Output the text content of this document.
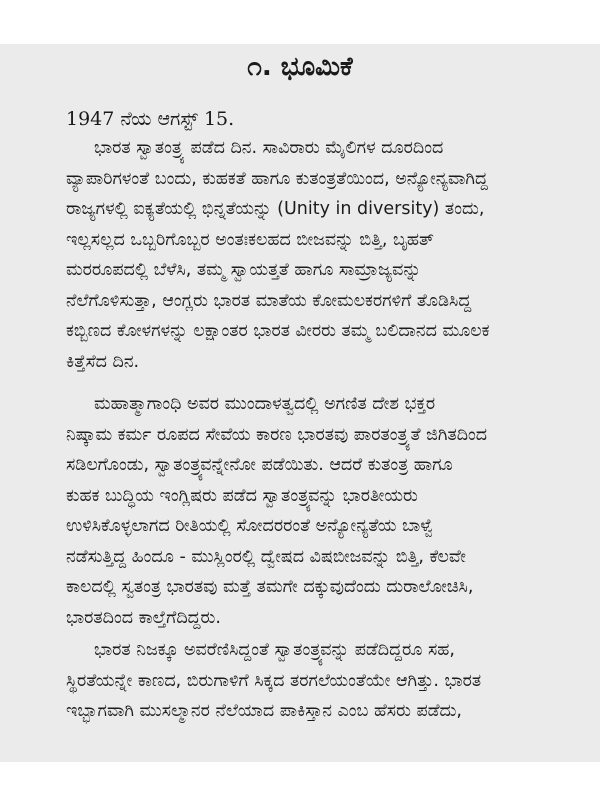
೧. ಭೂಮಿಕೆ
1947 ನೆಯ ಆಗಸ್ಟ್ 15.
ಭಾರತ ಸ್ವಾತಂತ್ರ್ಯ ಪಡೆದ ದಿನ. ಸಾವಿರಾರು ಮೈಲಿಗಳ ದೂರದಿಂದ
ವ್ಯಾಪಾರಿಗಳಂತೆ ಬಂದು, ಕುಹಕತೆ ಹಾಗೂ ಕುತಂತ್ರತೆಯಿಂದ, ಅನ್ಯೋನ್ಯವಾಗಿದ್ದ
ರಾಜ್ಯಗಳಲ್ಲಿ ಐಕ್ಯತೆಯಲ್ಲಿ ಭಿನ್ನತೆಯನ್ನು (Unity in diversity) ತಂದು,
ಇಲ್ಲಸಲ್ಲದ ಒಬ್ಬರಿಗೊಬ್ಬರ ಅಂತಃಕಲಹದ ಬೀಜವನ್ನು ಬಿತ್ತಿ, ಬೃಹತ್
ಮರರೂಪದಲ್ಲಿ ಬೆಳೆಸಿ, ತಮ್ಮ ಸ್ವಾಯತ್ತತೆ ಹಾಗೂ ಸಾಮ್ರಾಜ್ಯವನ್ನು
ನೆಲೆಗೊಳಿಸುತ್ತಾ, ಆಂಗ್ಲರು ಭಾರತ ಮಾತೆಯ ಕೋಮಲಕರಗಳಿಗೆ ತೊಡಿಸಿದ್ದ
ಕಬ್ಬಿಣದ ಕೋಳಗಳನ್ನು ಲಕ್ಷಾಂತರ ಭಾರತ ವೀರರು ತಮ್ಮ ಬಲಿದಾನದ ಮೂಲಕ
ಕಿತ್ತೆಸೆದ ದಿನ.
ಮಹಾತ್ಮಾಗಾಂಧಿ ಅವರ ಮುಂದಾಳತ್ವದಲ್ಲಿ ಅಗಣಿತ ದೇಶ ಭಕ್ತರ
ನಿಷ್ಕಾಮ ಕರ್ಮ ರೂಪದ ಸೇವೆಯ ಕಾರಣ ಭಾರತವು ಪಾರತಂತ್ರ್ಯತೆ ಜಿಗಿತದಿಂದ
ಸಡಿಲಗೊಂಡು, ಸ್ವಾತಂತ್ರ್ಯವನ್ನೇನೋ ಪಡೆಯಿತು. ಆದರೆ ಕುತಂತ್ರ ಹಾಗೂ
ಕುಹಕ ಬುದ್ಧಿಯ ಇಂಗ್ಲಿಷರು ಪಡೆದ ಸ್ವಾತಂತ್ರ್ಯವನ್ನು ಭಾರತೀಯರು
ಉಳಿಸಿಕೊಳ್ಳಲಾಗದ ರೀತಿಯಲ್ಲಿ ಸೋದರರಂತೆ ಅನ್ಯೋನ್ಯತೆಯ ಬಾಳ್ವೆ
ನಡೆಸುತ್ತಿದ್ದ ಹಿಂದೂ - ಮುಸ್ಲಿಂರಲ್ಲಿ ದ್ವೇಷದ ವಿಷಬೀಜವನ್ನು ಬಿತ್ತಿ, ಕೆಲವೇ
ಕಾಲದಲ್ಲಿ ಸ್ವತಂತ್ರ ಭಾರತವು ಮತ್ತೆ ತಮಗೇ ದಕ್ಕುವುದೆಂದು ದುರಾಲೋಚಿಸಿ,
ಭಾರತದಿಂದ ಕಾಲ್ತೆಗೆದಿದ್ದರು.
ಭಾರತ ನಿಜಕ್ಕೂ ಅವರೆಣಿಸಿದ್ದಂತೆ ಸ್ವಾತಂತ್ರ್ಯವನ್ನು ಪಡೆದಿದ್ದರೂ ಸಹ,
ಸ್ಥಿರತೆಯನ್ನೇ ಕಾಣದ, ಬಿರುಗಾಳಿಗೆ ಸಿಕ್ಕದ ತರಗಲೆಯಂತೆಯೇ ಆಗಿತ್ತು. ಭಾರತ
ಇಬ್ಭಾಗವಾಗಿ ಮುಸಲ್ಮಾನರ ನೆಲೆಯಾದ ಪಾಕಿಸ್ತಾನ ಎಂಬ ಹೆಸರು ಪಡೆದು,
